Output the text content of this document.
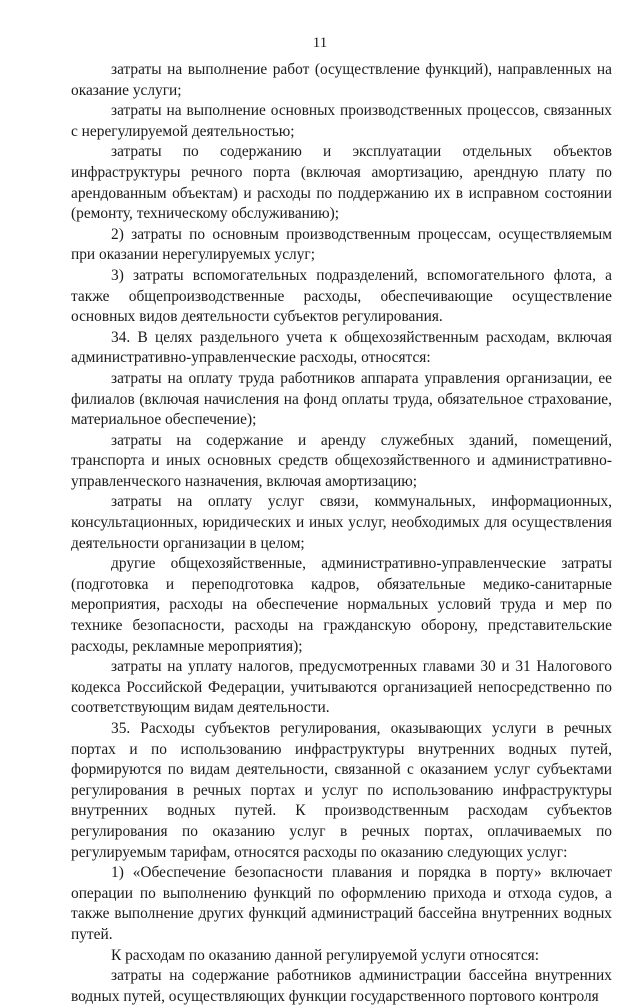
11

затраты на выполнение работ (осуществление функций), направленных на оказание услуги;

затраты на выполнение основных производственных процессов, связанных с нерегулируемой деятельностью;

затраты по содержанию и эксплуатации отдельных объектов инфраструктуры речного порта (включая амортизацию, арендную плату по арендованным объектам) и расходы по поддержанию их в исправном состоянии (ремонту, техническому обслуживанию);

2) затраты по основным производственным процессам, осуществляемым при оказании нерегулируемых услуг;

3) затраты вспомогательных подразделений, вспомогательного флота, а также общепроизводственные расходы, обеспечивающие осуществление основных видов деятельности субъектов регулирования.

34. В целях раздельного учета к общехозяйственным расходам, включая административно-управленческие расходы, относятся:

затраты на оплату труда работников аппарата управления организации, ее филиалов (включая начисления на фонд оплаты труда, обязательное страхование, материальное обеспечение);

затраты на содержание и аренду служебных зданий, помещений, транспорта и иных основных средств общехозяйственного и административно-управленческого назначения, включая амортизацию;

затраты на оплату услуг связи, коммунальных, информационных, консультационных, юридических и иных услуг, необходимых для осуществления деятельности организации в целом;

другие общехозяйственные, административно-управленческие затраты (подготовка и переподготовка кадров, обязательные медико-санитарные мероприятия, расходы на обеспечение нормальных условий труда и мер по технике безопасности, расходы на гражданскую оборону, представительские расходы, рекламные мероприятия);

затраты на уплату налогов, предусмотренных главами 30 и 31 Налогового кодекса Российской Федерации, учитываются организацией непосредственно по соответствующим видам деятельности.

35. Расходы субъектов регулирования, оказывающих услуги в речных портах и по использованию инфраструктуры внутренних водных путей, формируются по видам деятельности, связанной с оказанием услуг субъектами регулирования в речных портах и услуг по использованию инфраструктуры внутренних водных путей. К производственным расходам субъектов регулирования по оказанию услуг в речных портах, оплачиваемых по регулируемым тарифам, относятся расходы по оказанию следующих услуг:

1) «Обеспечение безопасности плавания и порядка в порту» включает операции по выполнению функций по оформлению прихода и отхода судов, а также выполнение других функций администраций бассейна внутренних водных путей.

К расходам по оказанию данной регулируемой услуги относятся:

затраты на содержание работников администрации бассейна внутренних водных путей, осуществляющих функции государственного портового контроля
